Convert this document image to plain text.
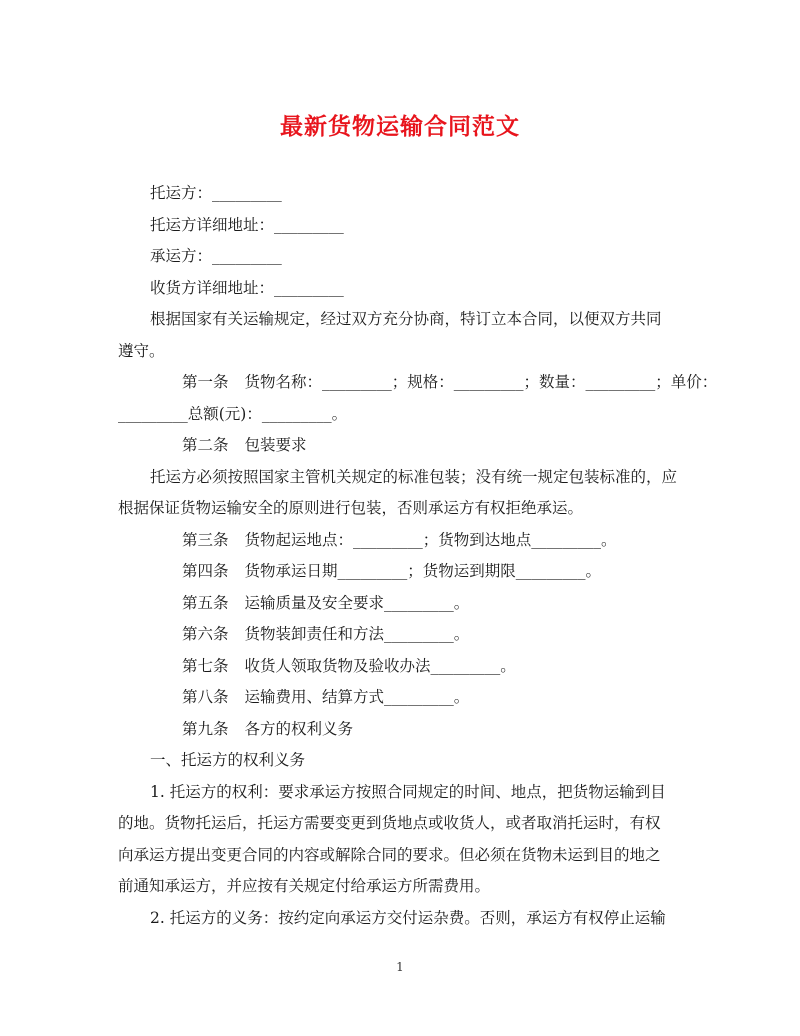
最新货物运输合同范文

托运方：_________

托运方详细地址：_________

承运方：_________

收货方详细地址：_________

根据国家有关运输规定，经过双方充分协商，特订立本合同，以便双方共同
遵守。

第一条 货物名称：_________；规格：_________；数量：_________；单价：
_________总额(元)：_________。

第二条 包装要求

托运方必须按照国家主管机关规定的标准包装；没有统一规定包装标准的，应
根据保证货物运输安全的原则进行包装，否则承运方有权拒绝承运。

第三条 货物起运地点：_________；货物到达地点_________。

第四条 货物承运日期_________；货物运到期限_________。

第五条 运输质量及安全要求_________。

第六条 货物装卸责任和方法_________。

第七条 收货人领取货物及验收办法_________。

第八条 运输费用、结算方式_________。

第九条 各方的权利义务

一、托运方的权利义务

1. 托运方的权利：要求承运方按照合同规定的时间、地点，把货物运输到目
的地。货物托运后，托运方需要变更到货地点或收货人，或者取消托运时，有权
向承运方提出变更合同的内容或解除合同的要求。但必须在货物未运到目的地之
前通知承运方，并应按有关规定付给承运方所需费用。

2. 托运方的义务：按约定向承运方交付运杂费。否则，承运方有权停止运输

1
